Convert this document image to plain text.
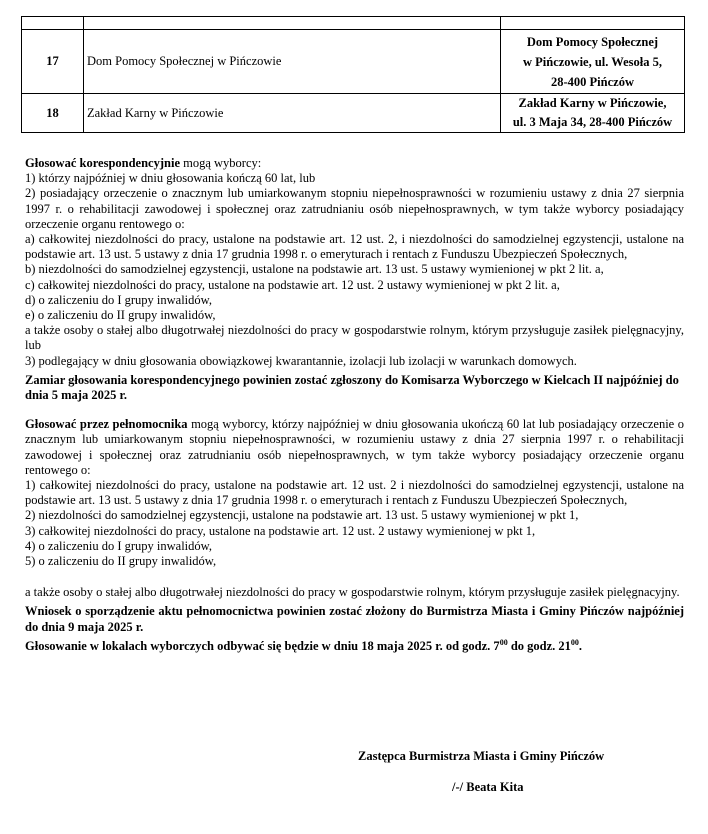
17	Dom Pomocy Społecznej w Pińczowie	Dom Pomocy Społecznej
w Pińczowie, ul. Wesoła 5,
28-400 Pińczów

18	Zakład Karny w Pińczowie	Zakład Karny w Pińczowie,
ul. 3 Maja 34, 28-400 Pińczów

Głosować korespondencyjnie mogą wyborcy:

1) którzy najpóźniej w dniu głosowania kończą 60 lat, lub

2) posiadający orzeczenie o znacznym lub umiarkowanym stopniu niepełnosprawności w rozumieniu ustawy z dnia 27 sierpnia 1997 r. o rehabilitacji zawodowej i społecznej oraz zatrudnianiu osób niepełnosprawnych, w tym także wyborcy posiadający orzeczenie organu rentowego o:

a) całkowitej niezdolności do pracy, ustalone na podstawie art. 12 ust. 2, i niezdolności do samodzielnej egzystencji, ustalone na podstawie art. 13 ust. 5 ustawy z dnia 17 grudnia 1998 r. o emeryturach i rentach z Funduszu Ubezpieczeń Społecznych,

b) niezdolności do samodzielnej egzystencji, ustalone na podstawie art. 13 ust. 5 ustawy wymienionej w pkt 2 lit. a,

c) całkowitej niezdolności do pracy, ustalone na podstawie art. 12 ust. 2 ustawy wymienionej w pkt 2 lit. a,

d) o zaliczeniu do I grupy inwalidów,

e) o zaliczeniu do II grupy inwalidów,

a także osoby o stałej albo długotrwałej niezdolności do pracy w gospodarstwie rolnym, którym przysługuje zasiłek pielęgnacyjny, lub

3) podlegający w dniu głosowania obowiązkowej kwarantannie, izolacji lub izolacji w warunkach domowych.

Zamiar głosowania korespondencyjnego powinien zostać zgłoszony do Komisarza Wyborczego w Kielcach II najpóźniej do dnia 5 maja 2025 r.

Głosować przez pełnomocnika mogą wyborcy, którzy najpóźniej w dniu głosowania ukończą 60 lat lub posiadający orzeczenie o znacznym lub umiarkowanym stopniu niepełnosprawności, w rozumieniu ustawy z dnia 27 sierpnia 1997 r. o rehabilitacji zawodowej i społecznej oraz zatrudnianiu osób niepełnosprawnych, w tym także wyborcy posiadający orzeczenie organu rentowego o:

1) całkowitej niezdolności do pracy, ustalone na podstawie art. 12 ust. 2 i niezdolności do samodzielnej egzystencji, ustalone na podstawie art. 13 ust. 5 ustawy z dnia 17 grudnia 1998 r. o emeryturach i rentach z Funduszu Ubezpieczeń Społecznych,

2) niezdolności do samodzielnej egzystencji, ustalone na podstawie art. 13 ust. 5 ustawy wymienionej w pkt 1,

3) całkowitej niezdolności do pracy, ustalone na podstawie art. 12 ust. 2 ustawy wymienionej w pkt 1,

4) o zaliczeniu do I grupy inwalidów,

5) o zaliczeniu do II grupy inwalidów,

a także osoby o stałej albo długotrwałej niezdolności do pracy w gospodarstwie rolnym, którym przysługuje zasiłek pielęgnacyjny.

Wniosek o sporządzenie aktu pełnomocnictwa powinien zostać złożony do Burmistrza Miasta i Gminy Pińczów najpóźniej do dnia 9 maja 2025 r.

Głosowanie w lokalach wyborczych odbywać się będzie w dniu 18 maja 2025 r. od godz. $7^{00}$ do godz. $21^{00}$.

Zastępca Burmistrza Miasta i Gminy Pińczów
/-/ Beata Kita
